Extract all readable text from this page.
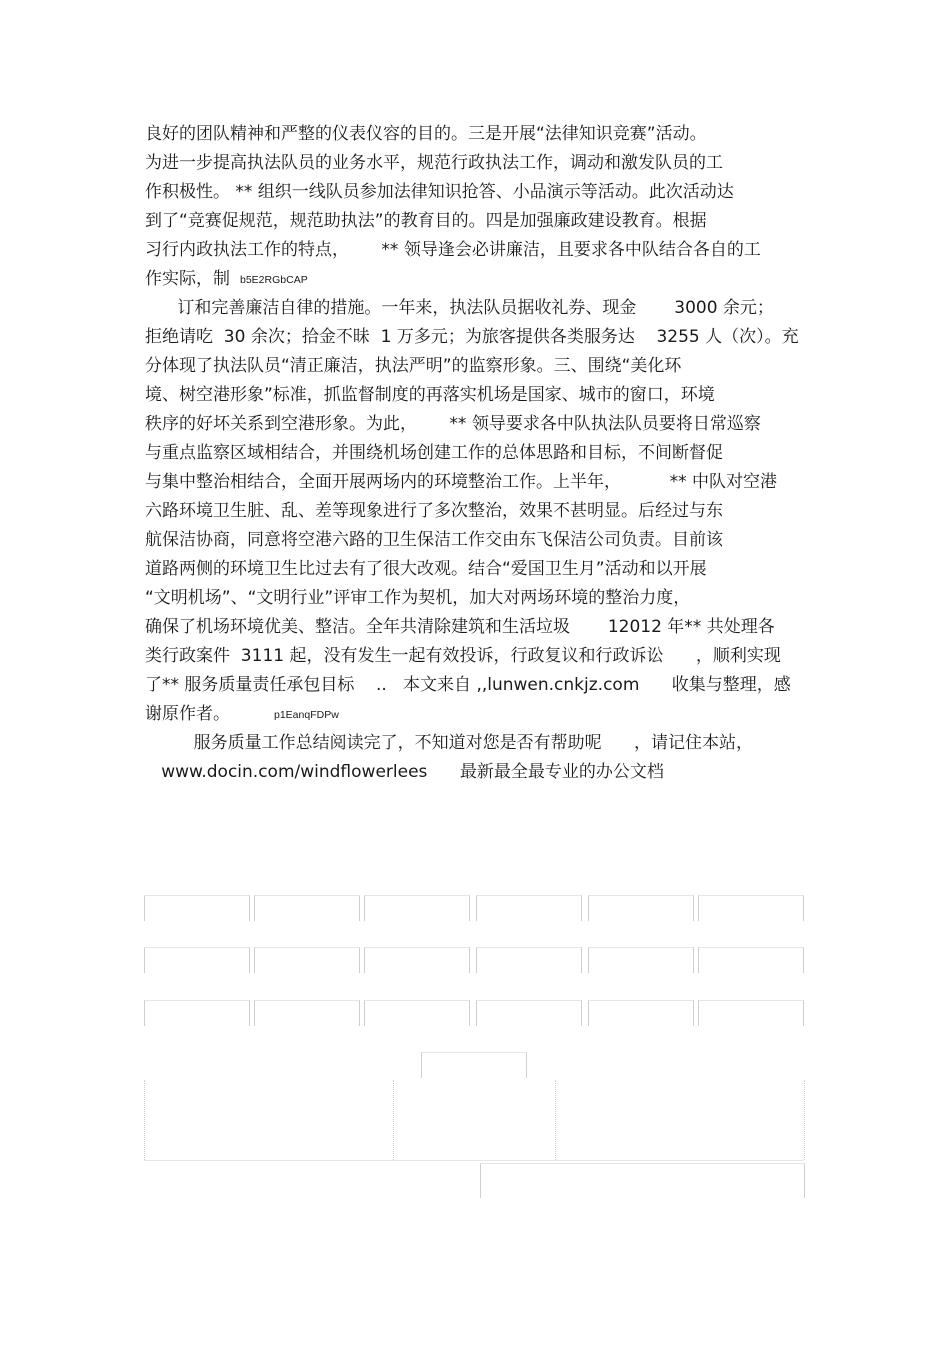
良好的团队精神和严整的仪表仪容的目的。三是开展“法律知识竞赛”活动。
为进一步提高执法队员的业务水平，规范行政执法工作，调动和激发队员的工
作积极性。 ** 组织一线队员参加法律知识抢答、小品演示等活动。此次活动达
到了“竞赛促规范，规范助执法”的教育目的。四是加强廉政建设教育。根据
习行内政执法工作的特点，      ** 领导逢会必讲廉洁，且要求各中队结合各自的工
作实际，制 b5E2RGbCAP
订和完善廉洁自律的措施。一年来，执法队员据收礼券、现金       3000 余元；
拒绝请吃  30 余次；拾金不昧  1 万多元；为旅客提供各类服务达    3255 人（次）。充
分体现了执法队员“清正廉洁，执法严明”的监察形象。三、围绕“美化环
境、树空港形象”标准，抓监督制度的再落实机场是国家、城市的窗口，环境
秩序的好坏关系到空港形象。为此，      ** 领导要求各中队执法队员要将日常巡察
与重点监察区域相结合，并围绕机场创建工作的总体思路和目标，不间断督促
与集中整治相结合，全面开展两场内的环境整治工作。上半年，         ** 中队对空港
六路环境卫生脏、乱、差等现象进行了多次整治，效果不甚明显。后经过与东
航保洁协商，同意将空港六路的卫生保洁工作交由东飞保洁公司负责。目前该
道路两侧的环境卫生比过去有了很大改观。结合“爱国卫生月”活动和以开展
“文明机场”、“文明行业”评审工作为契机，加大对两场环境的整治力度，
确保了机场环境优美、整洁。全年共清除建筑和生活垃圾       12012 年** 共处理各
类行政案件  3111 起，没有发生一起有效投诉，行政复议和行政诉讼      ，顺利实现
了** 服务质量责任承包目标    ..   本文来自 ,,lunwen.cnkjz.com      收集与整理，感
谢原作者。	p1EanqFDPw
服务质量工作总结阅读完了，不知道对您是否有帮助呢      ，请记住本站，
www.docin.com/windflowerlees      最新最全最专业的办公文档
